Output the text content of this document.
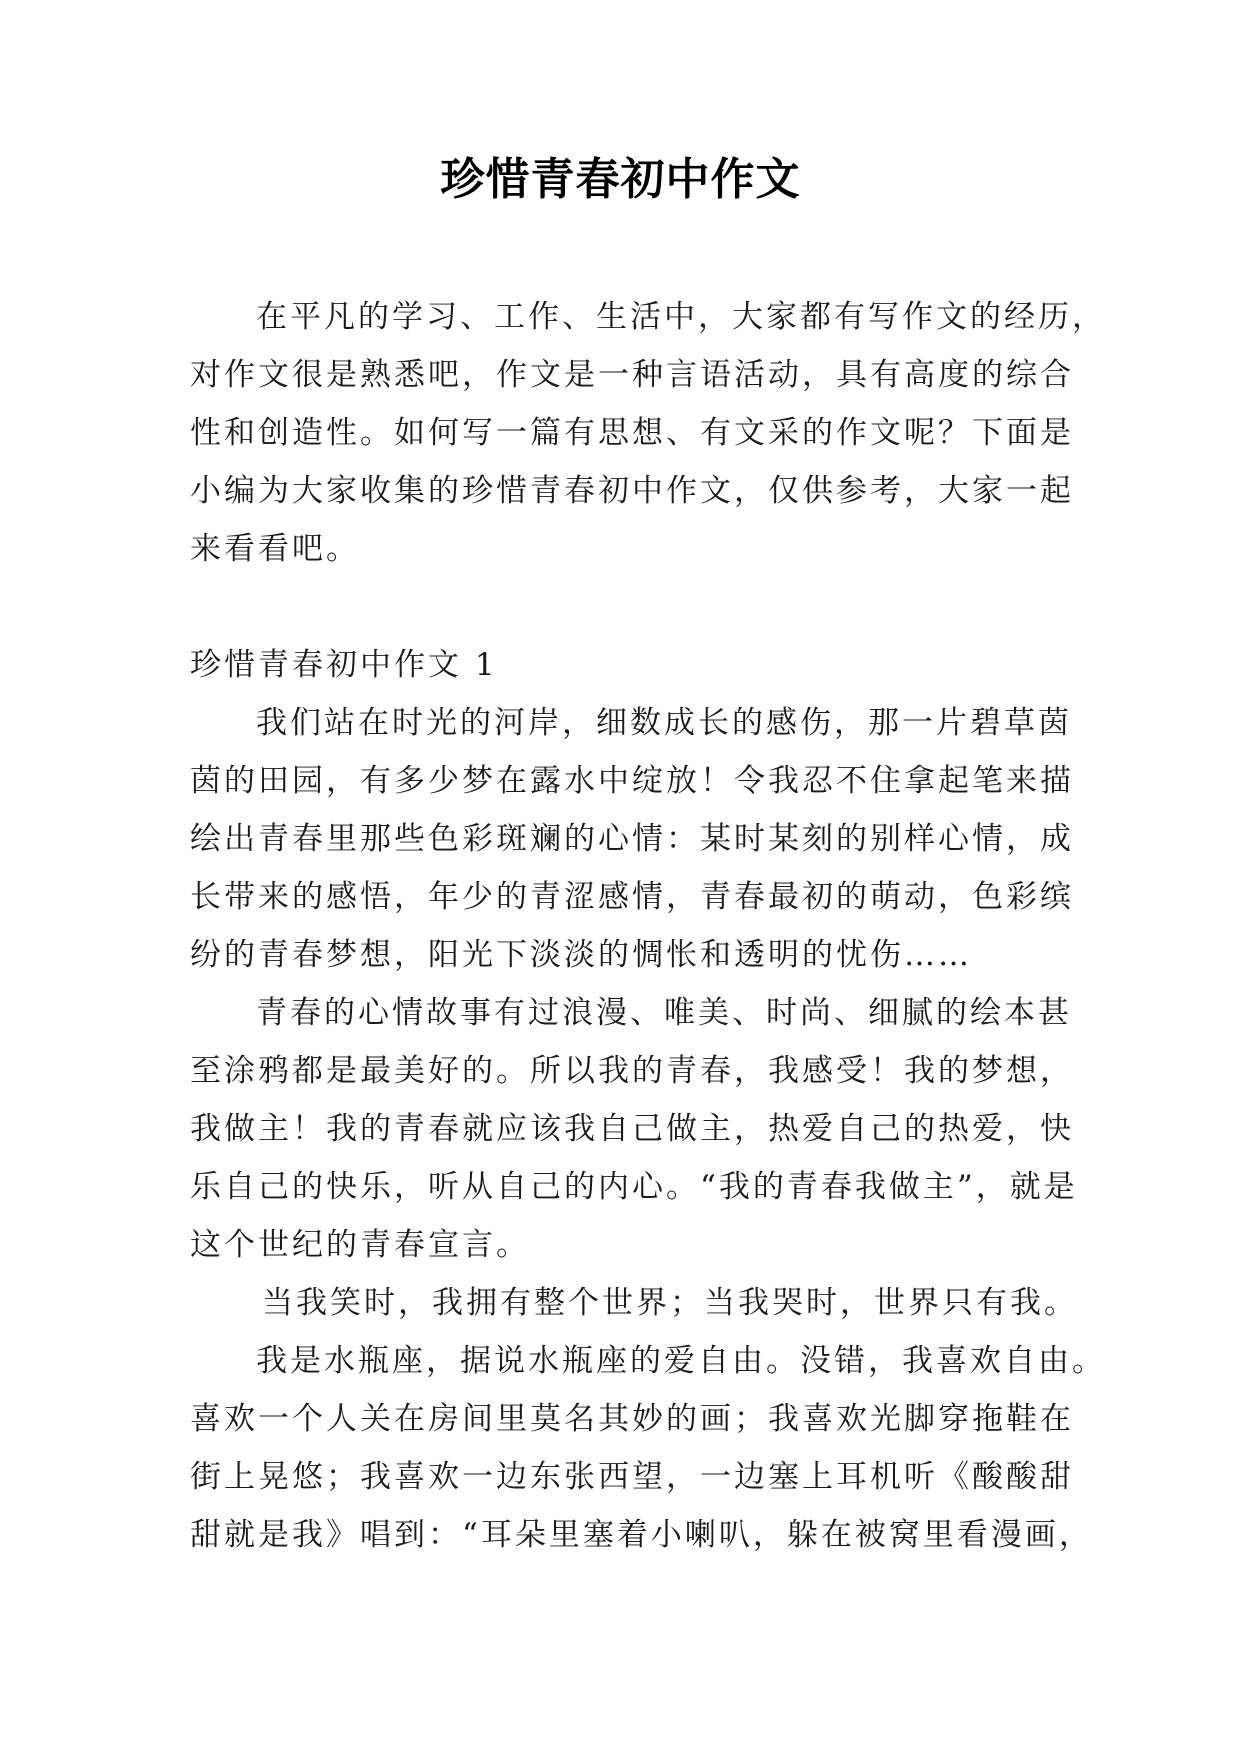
珍惜青春初中作文
在平凡的学习、工作、生活中，大家都有写作文的经历，
对作文很是熟悉吧，作文是一种言语活动，具有高度的综合
性和创造性。如何写一篇有思想、有文采的作文呢？下面是
小编为大家收集的珍惜青春初中作文，仅供参考，大家一起
来看看吧。
珍惜青春初中作文 1
我们站在时光的河岸，细数成长的感伤，那一片碧草茵
茵的田园，有多少梦在露水中绽放！令我忍不住拿起笔来描
绘出青春里那些色彩斑斓的心情：某时某刻的别样心情，成
长带来的感悟，年少的青涩感情，青春最初的萌动，色彩缤
纷的青春梦想，阳光下淡淡的惆怅和透明的忧伤……
青春的心情故事有过浪漫、唯美、时尚、细腻的绘本甚
至涂鸦都是最美好的。所以我的青春，我感受！我的梦想，
我做主！我的青春就应该我自己做主，热爱自己的热爱，快
乐自己的快乐，听从自己的内心。“我的青春我做主”，就是
这个世纪的青春宣言。
当我笑时，我拥有整个世界；当我哭时，世界只有我。
我是水瓶座，据说水瓶座的爱自由。没错，我喜欢自由。
喜欢一个人关在房间里莫名其妙的画；我喜欢光脚穿拖鞋在
街上晃悠；我喜欢一边东张西望，一边塞上耳机听《酸酸甜
甜就是我》唱到：“耳朵里塞着小喇叭，躲在被窝里看漫画，
